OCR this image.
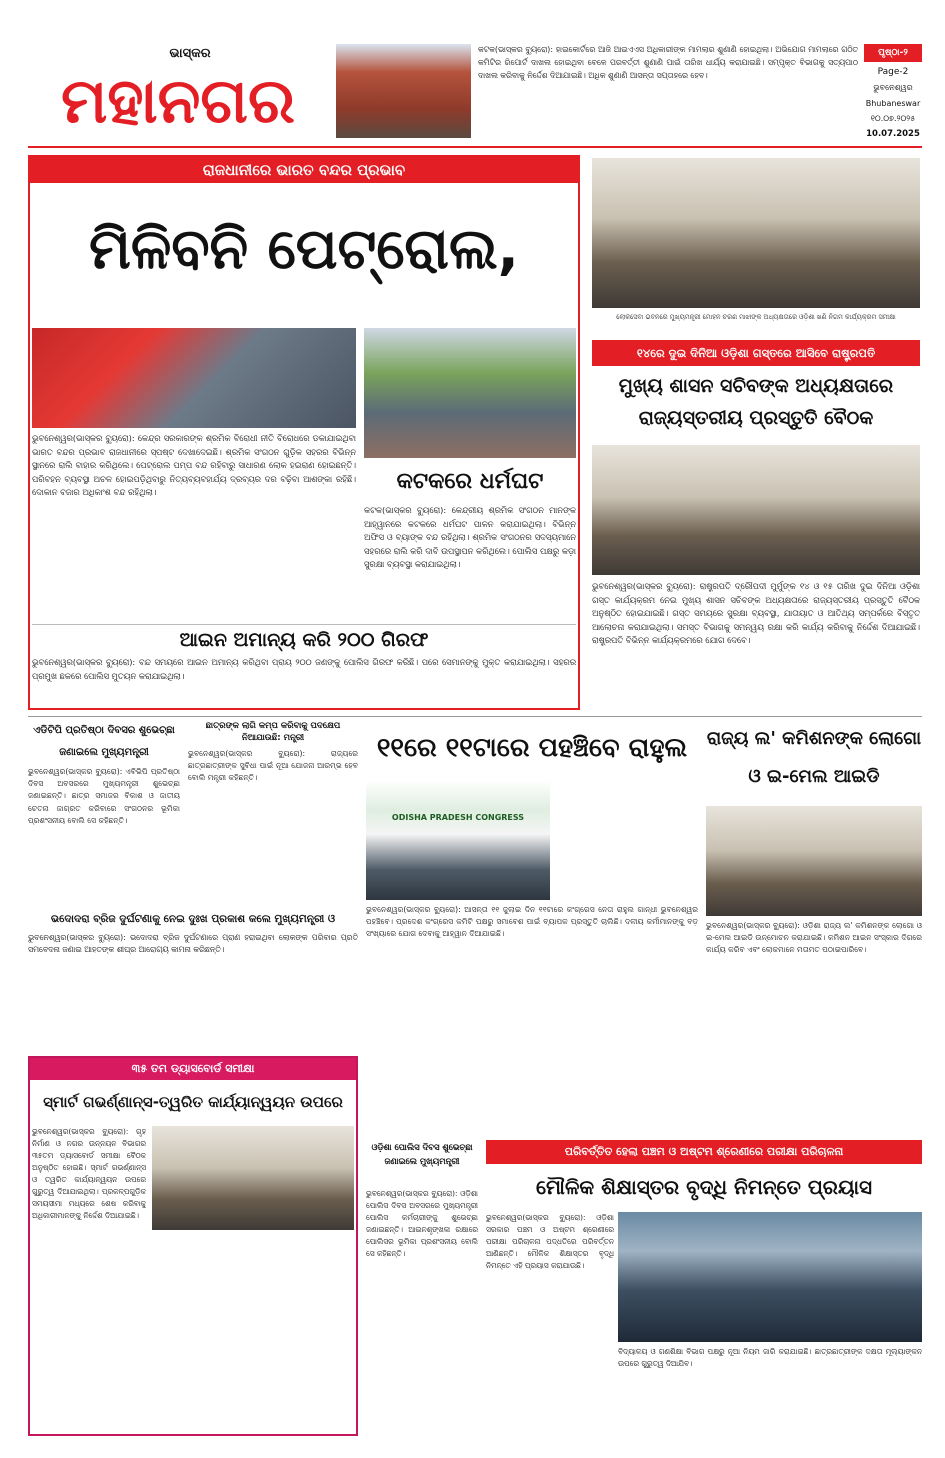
ଭାସ୍କର
ମହାନଗର
କଟକ(ଭାସ୍କର ବ୍ୟୁରୋ): ହାଇକୋର୍ଟରେ ଆଜି ଆଇଏଏସ ଅଧିକାରୀଙ୍କ ମାମଲାର ଶୁଣାଣି ହୋଇଥିଲା। ଅଭିଯୋଗ ମାମଲାରେ ଗଠିତ କମିଟିର ରିପୋର୍ଟ ଦାଖଲ ହୋଇଥିବା ବେଳେ ପରବର୍ତ୍ତୀ ଶୁଣାଣି ପାଇଁ ତାରିଖ ଧାର୍ଯ୍ୟ କରାଯାଇଛି। ସମ୍ପୃକ୍ତ ବିଭାଗକୁ ସତ୍ୟପାଠ ଦାଖଲ କରିବାକୁ ନିର୍ଦ୍ଦେଶ ଦିଆଯାଇଛି। ଅଧିକ ଶୁଣାଣି ଆସନ୍ତା ସପ୍ତାହରେ ହେବ।
ପୃଷ୍ଠା-୨
Page-2
ଭୁବନେଶ୍ୱର
Bhubaneswar
୧୦.୦୭.୨୦୨୫
10.07.2025
ରାଜଧାନୀରେ ଭାରତ ବନ୍ଦର ପ୍ରଭାବ
ମିଳିବନି ପେଟ୍ରୋଲ,
ଭୁବନେଶ୍ୱର(ଭାସ୍କର ବ୍ୟୁରୋ): କେନ୍ଦ୍ର ସରକାରଙ୍କ ଶ୍ରମିକ ବିରୋଧୀ ନୀତି ବିରୋଧରେ ଡକାଯାଇଥିବା ଭାରତ ବନ୍ଦର ପ୍ରଭାବ ରାଜଧାନୀରେ ସ୍ପଷ୍ଟ ଦେଖାଦେଇଛି। ଶ୍ରମିକ ସଂଗଠନ ଗୁଡ଼ିକ ସହରର ବିଭିନ୍ନ ସ୍ଥାନରେ ରାଲି ବାହାର କରିଥିଲେ। ପେଟ୍ରୋଲ ପମ୍ପ ବନ୍ଦ ରହିବାରୁ ସାଧାରଣ ଲୋକ ହଇରାଣ ହୋଇଛନ୍ତି। ପରିବହନ ବ୍ୟବସ୍ଥା ଅଚଳ ହୋଇପଡ଼ିଥିବାରୁ ନିତ୍ୟବ୍ୟବହାର୍ଯ୍ୟ ଦ୍ରବ୍ୟର ଦର ବଢ଼ିବା ଆଶଙ୍କା ରହିଛି। ଦୋକାନ ବଜାର ଅଧିକାଂଶ ବନ୍ଦ ରହିଥିଲା।	କଟକରେ ଧର୍ମଘଟ
କଟକ(ଭାସ୍କର ବ୍ୟୁରୋ): କେନ୍ଦ୍ରୀୟ ଶ୍ରମିକ ସଂଗଠନ ମାନଙ୍କ ଆହ୍ୱାନରେ କଟକରେ ଧର୍ମଘଟ ପାଳନ କରାଯାଇଥିଲା। ବିଭିନ୍ନ ଅଫିସ ଓ ବ୍ୟାଙ୍କ ବନ୍ଦ ରହିଥିଲା। ଶ୍ରମିକ ସଂଗଠନର ସଦସ୍ୟମାନେ ସହରରେ ରାଲି କରି ଦାବି ଉପସ୍ଥାପନ କରିଥିଲେ। ପୋଲିସ ପକ୍ଷରୁ କଡ଼ା ସୁରକ୍ଷା ବ୍ୟବସ୍ଥା କରାଯାଇଥିଲା।
ଆଇନ ଅମାନ୍ୟ କରି ୨୦୦ ଗିରଫ
ଭୁବନେଶ୍ୱର(ଭାସ୍କର ବ୍ୟୁରୋ): ବନ୍ଦ ସମୟରେ ଆଇନ ଅମାନ୍ୟ କରିଥିବା ପ୍ରାୟ ୨୦୦ ଜଣଙ୍କୁ ପୋଲିସ ଗିରଫ କରିଛି। ପରେ ସେମାନଙ୍କୁ ମୁକ୍ତ କରାଯାଇଥିଲା। ସହରର ପ୍ରମୁଖ ଛକରେ ପୋଲିସ ମୁତୟନ କରାଯାଇଥିଲା।
ଲୋକସେବା ଭବନରେ ମୁଖ୍ୟମନ୍ତ୍ରୀ ମୋହନ ଚରଣ ମାଝୀଙ୍କ ଅଧ୍ୟକ୍ଷତାରେ ଓଡ଼ିଶା ଖଣି ନିଗମ କାର୍ଯ୍ୟକ୍ରମ ସମୀକ୍ଷା
୧୪ରେ ଦୁଇ ଦିନିଆ ଓଡ଼ିଶା ଗସ୍ତରେ ଆସିବେ ରାଷ୍ଟ୍ରପତି
ମୁଖ୍ୟ ଶାସନ ସଚିବଙ୍କ ଅଧ୍ୟକ୍ଷତାରେ ରାଜ୍ୟସ୍ତରୀୟ ପ୍ରସ୍ତୁତି ବୈଠକ
ଭୁବନେଶ୍ୱର(ଭାସ୍କର ବ୍ୟୁରୋ): ରାଷ୍ଟ୍ରପତି ଦ୍ରୌପଦୀ ମୁର୍ମୁଙ୍କ ୧୪ ଓ ୧୫ ତାରିଖ ଦୁଇ ଦିନିଆ ଓଡ଼ିଶା ଗସ୍ତ କାର୍ଯ୍ୟକ୍ରମ ନେଇ ମୁଖ୍ୟ ଶାସନ ସଚିବଙ୍କ ଅଧ୍ୟକ୍ଷତାରେ ରାଜ୍ୟସ୍ତରୀୟ ପ୍ରସ୍ତୁତି ବୈଠକ ଅନୁଷ୍ଠିତ ହୋଇଯାଇଛି। ଗସ୍ତ ସମୟରେ ସୁରକ୍ଷା ବ୍ୟବସ୍ଥା, ଯାତାୟାତ ଓ ଆତିଥ୍ୟ ସମ୍ପର୍କରେ ବିସ୍ତୃତ ଆଲୋଚନା କରାଯାଇଥିଲା। ସମସ୍ତ ବିଭାଗକୁ ସମନ୍ୱୟ ରକ୍ଷା କରି କାର୍ଯ୍ୟ କରିବାକୁ ନିର୍ଦ୍ଦେଶ ଦିଆଯାଇଛି। ରାଷ୍ଟ୍ରପତି ବିଭିନ୍ନ କାର୍ଯ୍ୟକ୍ରମରେ ଯୋଗ ଦେବେ।
ଏଡିଟିପି ପ୍ରତିଷ୍ଠା ଦିବସର ଶୁଭେଚ୍ଛା ଜଣାଇଲେ ମୁଖ୍ୟମନ୍ତ୍ରୀ
ଭୁବନେଶ୍ୱର(ଭାସ୍କର ବ୍ୟୁରୋ): ଏବିଭିପି ପ୍ରତିଷ୍ଠା ଦିବସ ଅବସରରେ ମୁଖ୍ୟମନ୍ତ୍ରୀ ଶୁଭେଚ୍ଛା ଜଣାଇଛନ୍ତି। ଛାତ୍ର ସମାଜର ବିକାଶ ଓ ଜାତୀୟ ଚେତନା ଜାଗ୍ରତ କରିବାରେ ସଂଗଠନର ଭୂମିକା ପ୍ରଶଂସନୀୟ ବୋଲି ସେ କହିଛନ୍ତି।
ଛାତ୍ରଙ୍କ ଲାଗି କମ୍ପ କରିବାକୁ ପଦକ୍ଷେପ ନିଆଯାଉଛି: ମନ୍ତ୍ରୀ
ଭୁବନେଶ୍ୱର(ଭାସ୍କର ବ୍ୟୁରୋ): ରାଜ୍ୟରେ ଛାତ୍ରଛାତ୍ରୀଙ୍କ ସୁବିଧା ପାଇଁ ନୂଆ ଯୋଜନା ଆରମ୍ଭ ହେବ ବୋଲି ମନ୍ତ୍ରୀ କହିଛନ୍ତି।
ଭଦୋଦରା ବ୍ରିଜ ଦୁର୍ଘଟଣାକୁ ନେଇ ଦୁଃଖ ପ୍ରକାଶ କଲେ ମୁଖ୍ୟମନ୍ତ୍ରୀ ଓ
ଭୁବନେଶ୍ୱର(ଭାସ୍କର ବ୍ୟୁରୋ): ଭଦୋଦରା ବ୍ରିଜ ଦୁର୍ଘଟଣାରେ ପ୍ରାଣ ହରାଇଥିବା ଲୋକଙ୍କ ପରିବାର ପ୍ରତି ସମବେଦନା ଜଣାଇ ଆହତଙ୍କ ଶୀଘ୍ର ଆରୋଗ୍ୟ କାମନା କରିଛନ୍ତି।
୧୧ରେ ୧୧ଟାରେ ପହଞ୍ଚିବେ ରାହୁଲ
ODISHA PRADESH CONGRESS
ଭୁବନେଶ୍ୱର(ଭାସ୍କର ବ୍ୟୁରୋ): ଆସନ୍ତା ୧୧ ଜୁଲାଇ ଦିନ ୧୧ଟାରେ କଂଗ୍ରେସ ନେତା ରାହୁଲ ଗାନ୍ଧୀ ଭୁବନେଶ୍ୱର ପହଞ୍ଚିବେ। ପ୍ରଦେଶ କଂଗ୍ରେସ କମିଟି ପକ୍ଷରୁ ସମାବେଶ ପାଇଁ ବ୍ୟାପକ ପ୍ରସ୍ତୁତି ଚାଲିଛି। ଦଳୀୟ କର୍ମୀମାନଙ୍କୁ ବଡ଼ ସଂଖ୍ୟାରେ ଯୋଗ ଦେବାକୁ ଆହ୍ୱାନ ଦିଆଯାଇଛି।
ରାଜ୍ୟ ଲ' କମିଶନଙ୍କ ଲୋଗୋ ଓ ଇ-ମେଲ ଆଇଡି
ଭୁବନେଶ୍ୱର(ଭାସ୍କର ବ୍ୟୁରୋ): ଓଡ଼ିଶା ରାଜ୍ୟ ଲ' କମିଶନଙ୍କ ଲୋଗୋ ଓ ଇ-ମେଲ ଆଇଡି ଉନ୍ମୋଚନ କରାଯାଇଛି। କମିଶନ ଆଇନ ସଂସ୍କାର ଦିଗରେ କାର୍ଯ୍ୟ କରିବ ଏବଂ ଲୋକମାନେ ମତାମତ ପଠାଇପାରିବେ।
୩୫ ତମ ଡ୍ୟାସବୋର୍ଡ ସମୀକ୍ଷା
ସ୍ମାର୍ଟ ଗଭର୍ଣ୍ଣାନ୍ସ-ତ୍ୱରିତ କାର୍ଯ୍ୟାନ୍ୱୟନ ଉପରେ
ଭୁବନେଶ୍ୱର(ଭାସ୍କର ବ୍ୟୁରୋ): ଗୃହ ନିର୍ମାଣ ଓ ନଗର ଉନ୍ନୟନ ବିଭାଗର ୩୫ତମ ଡ୍ୟାସବୋର୍ଡ ସମୀକ୍ଷା ବୈଠକ ଅନୁଷ୍ଠିତ ହୋଇଛି। ସ୍ମାର୍ଟ ଗଭର୍ଣ୍ଣାନ୍ସ ଓ ତ୍ୱରିତ କାର୍ଯ୍ୟାନ୍ୱୟନ ଉପରେ ଗୁରୁତ୍ୱ ଦିଆଯାଇଥିଲା। ପ୍ରକଳ୍ପଗୁଡ଼ିକ ସମୟସୀମା ମଧ୍ୟରେ ଶେଷ କରିବାକୁ ଅଧିକାରୀମାନଙ୍କୁ ନିର୍ଦ୍ଦେଶ ଦିଆଯାଇଛି।
ଓଡ଼ିଶା ପୋଲିସ ଦିବସ ଶୁଭେଚ୍ଛା ଜଣାଇଲେ ମୁଖ୍ୟମନ୍ତ୍ରୀ
ଭୁବନେଶ୍ୱର(ଭାସ୍କର ବ୍ୟୁରୋ): ଓଡ଼ିଶା ପୋଲିସ ଦିବସ ଅବସରରେ ମୁଖ୍ୟମନ୍ତ୍ରୀ ପୋଲିସ କର୍ମଚାରୀଙ୍କୁ ଶୁଭେଚ୍ଛା ଜଣାଇଛନ୍ତି। ଆଇନଶୃଙ୍ଖଳା ରକ୍ଷାରେ ପୋଲିସର ଭୂମିକା ପ୍ରଶଂସନୀୟ ବୋଲି ସେ କହିଛନ୍ତି।
ପରିବର୍ତ୍ତିତ ହେଲା ପଞ୍ଚମ ଓ ଅଷ୍ଟମ ଶ୍ରେଣୀରେ ପରୀକ୍ଷା ପରିଚାଳନା
ମୌଳିକ ଶିକ୍ଷାସ୍ତର ବୃଦ୍ଧି ନିମନ୍ତେ ପ୍ରୟାସ
ଭୁବନେଶ୍ୱର(ଭାସ୍କର ବ୍ୟୁରୋ): ଓଡ଼ିଶା ସରକାର ପଞ୍ଚମ ଓ ଅଷ୍ଟମ ଶ୍ରେଣୀରେ ପରୀକ୍ଷା ପରିଚାଳନା ପଦ୍ଧତିରେ ପରିବର୍ତ୍ତନ ଆଣିଛନ୍ତି। ମୌଳିକ ଶିକ୍ଷାସ୍ତର ବୃଦ୍ଧି ନିମନ୍ତେ ଏହି ପ୍ରୟାସ କରାଯାଉଛି।
ବିଦ୍ୟାଳୟ ଓ ଗଣଶିକ୍ଷା ବିଭାଗ ପକ୍ଷରୁ ନୂଆ ନିୟମ ଜାରି କରାଯାଇଛି। ଛାତ୍ରଛାତ୍ରୀଙ୍କ ଦକ୍ଷତା ମୂଲ୍ୟାଙ୍କନ ଉପରେ ଗୁରୁତ୍ୱ ଦିଆଯିବ।
